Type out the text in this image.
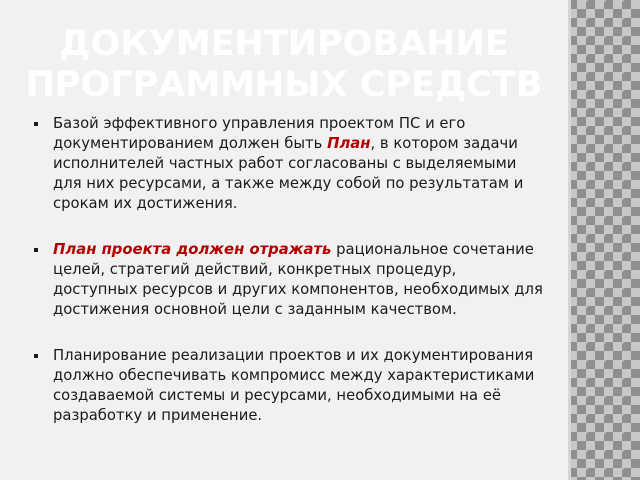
ДОКУМЕНТИРОВАНИЕ
ПРОГРАММНЫХ СРЕДСТВ
Базой эффективного управления проектом ПС и его документированием должен быть План, в котором задачи исполнителей частных работ согласованы с выделяемыми для них ресурсами, а также между собой по результатам и срокам их достижения.
План проекта должен отражать рациональное сочетание целей, стратегий действий, конкретных процедур, доступных ресурсов и других компонентов, необходимых для достижения основной цели с заданным качеством.
Планирование реализации проектов и их документирования должно обеспечивать компромисс между характеристиками создаваемой системы и ресурсами, необходимыми на её разработку и применение.
